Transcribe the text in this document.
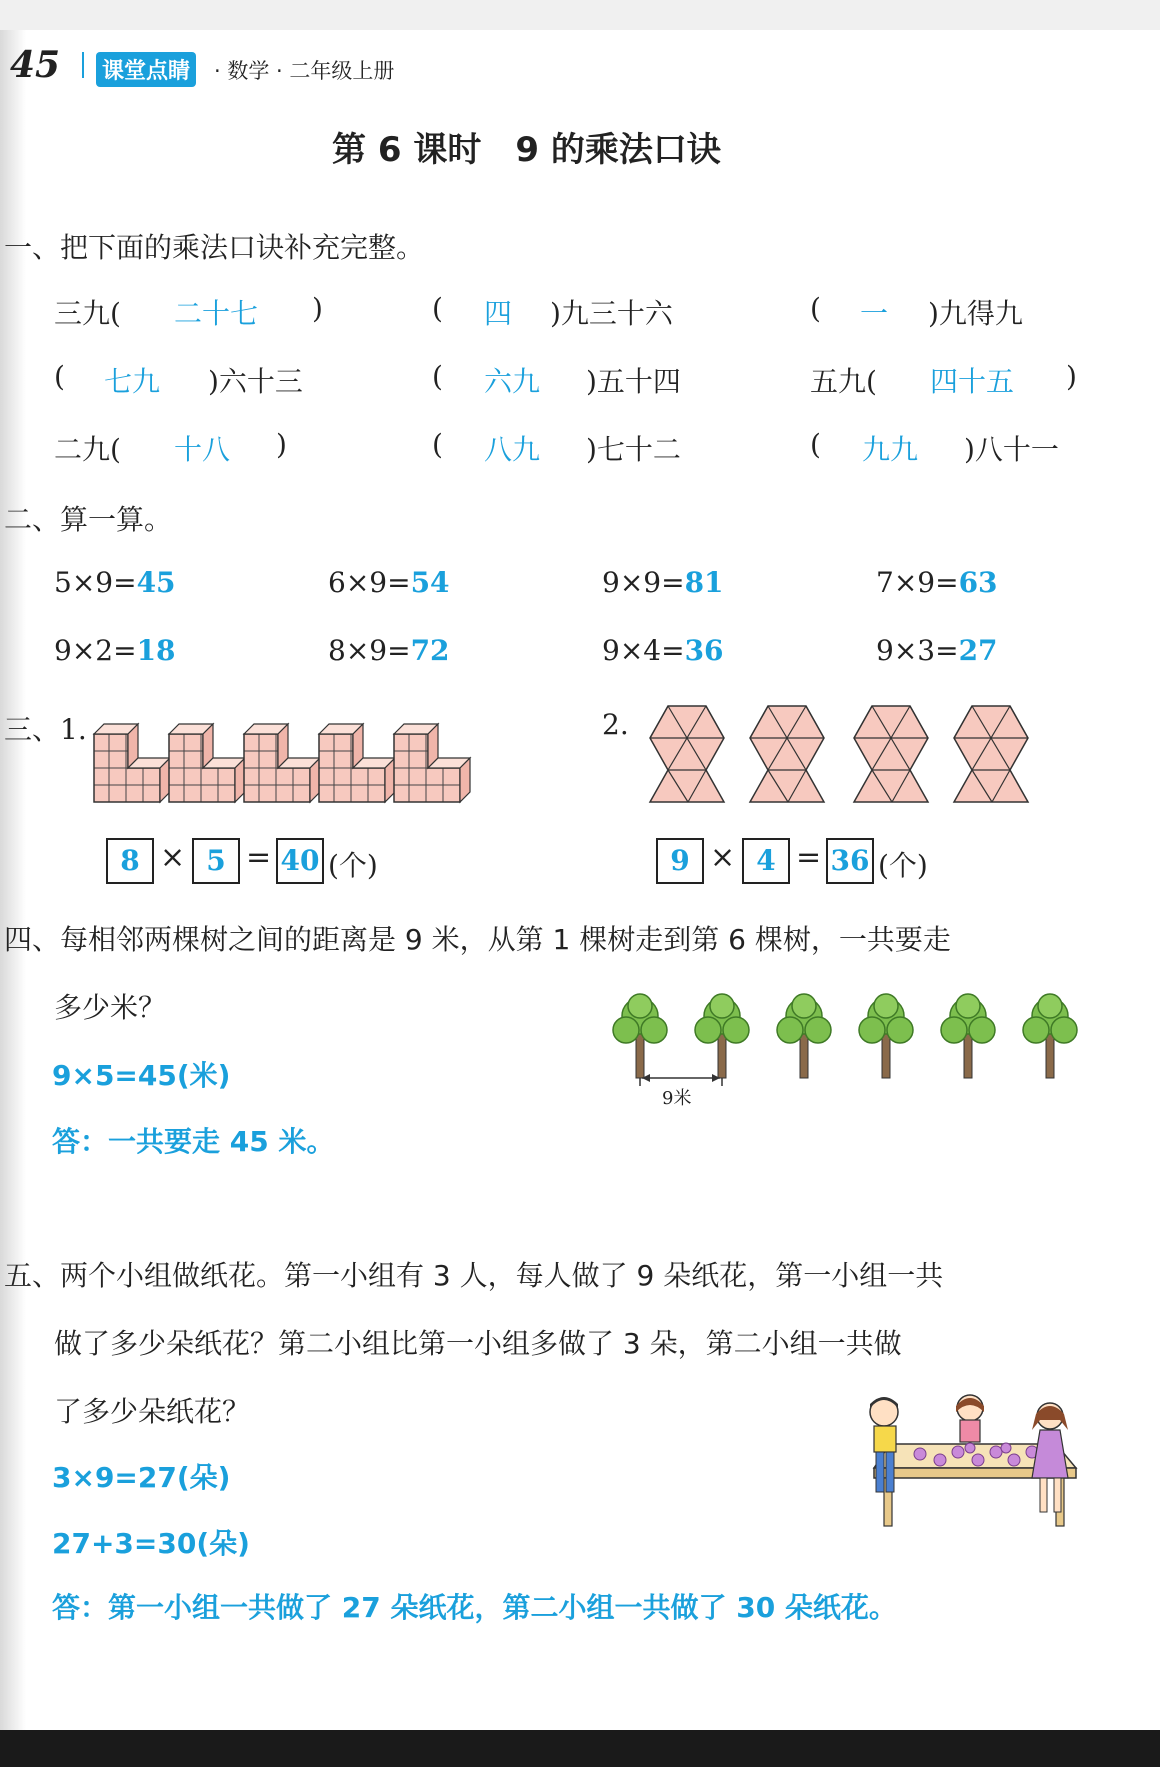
45 课堂点睛 · 数学 · 二年级上册
第 6 课时　9 的乘法口诀
一、把下面的乘法口诀补充完整。
三九( 二十七 )	( 四 )九三十六	( 一 )九得九
( 七九 )六十三	( 六九 )五十四	五九( 四十五 )
二九( 十八 )	( 八九 )七十二	( 九九 )八十一
二、算一算。
5×9=45	6×9=54	9×9=81	7×9=63
9×2=18	8×9=72	9×4=36	9×3=27
三、1.	2.
8 × 5 = 40 (个)	9 × 4 = 36 (个)
四、每相邻两棵树之间的距离是 9 米，从第 1 棵树走到第 6 棵树，一共要走
多少米？
9×5=45(米)
答：一共要走 45 米。
9米
五、两个小组做纸花。第一小组有 3 人，每人做了 9 朵纸花，第一小组一共
做了多少朵纸花？第二小组比第一小组多做了 3 朵，第二小组一共做
了多少朵纸花？
3×9=27(朵)
27+3=30(朵)
答：第一小组一共做了 27 朵纸花，第二小组一共做了 30 朵纸花。
